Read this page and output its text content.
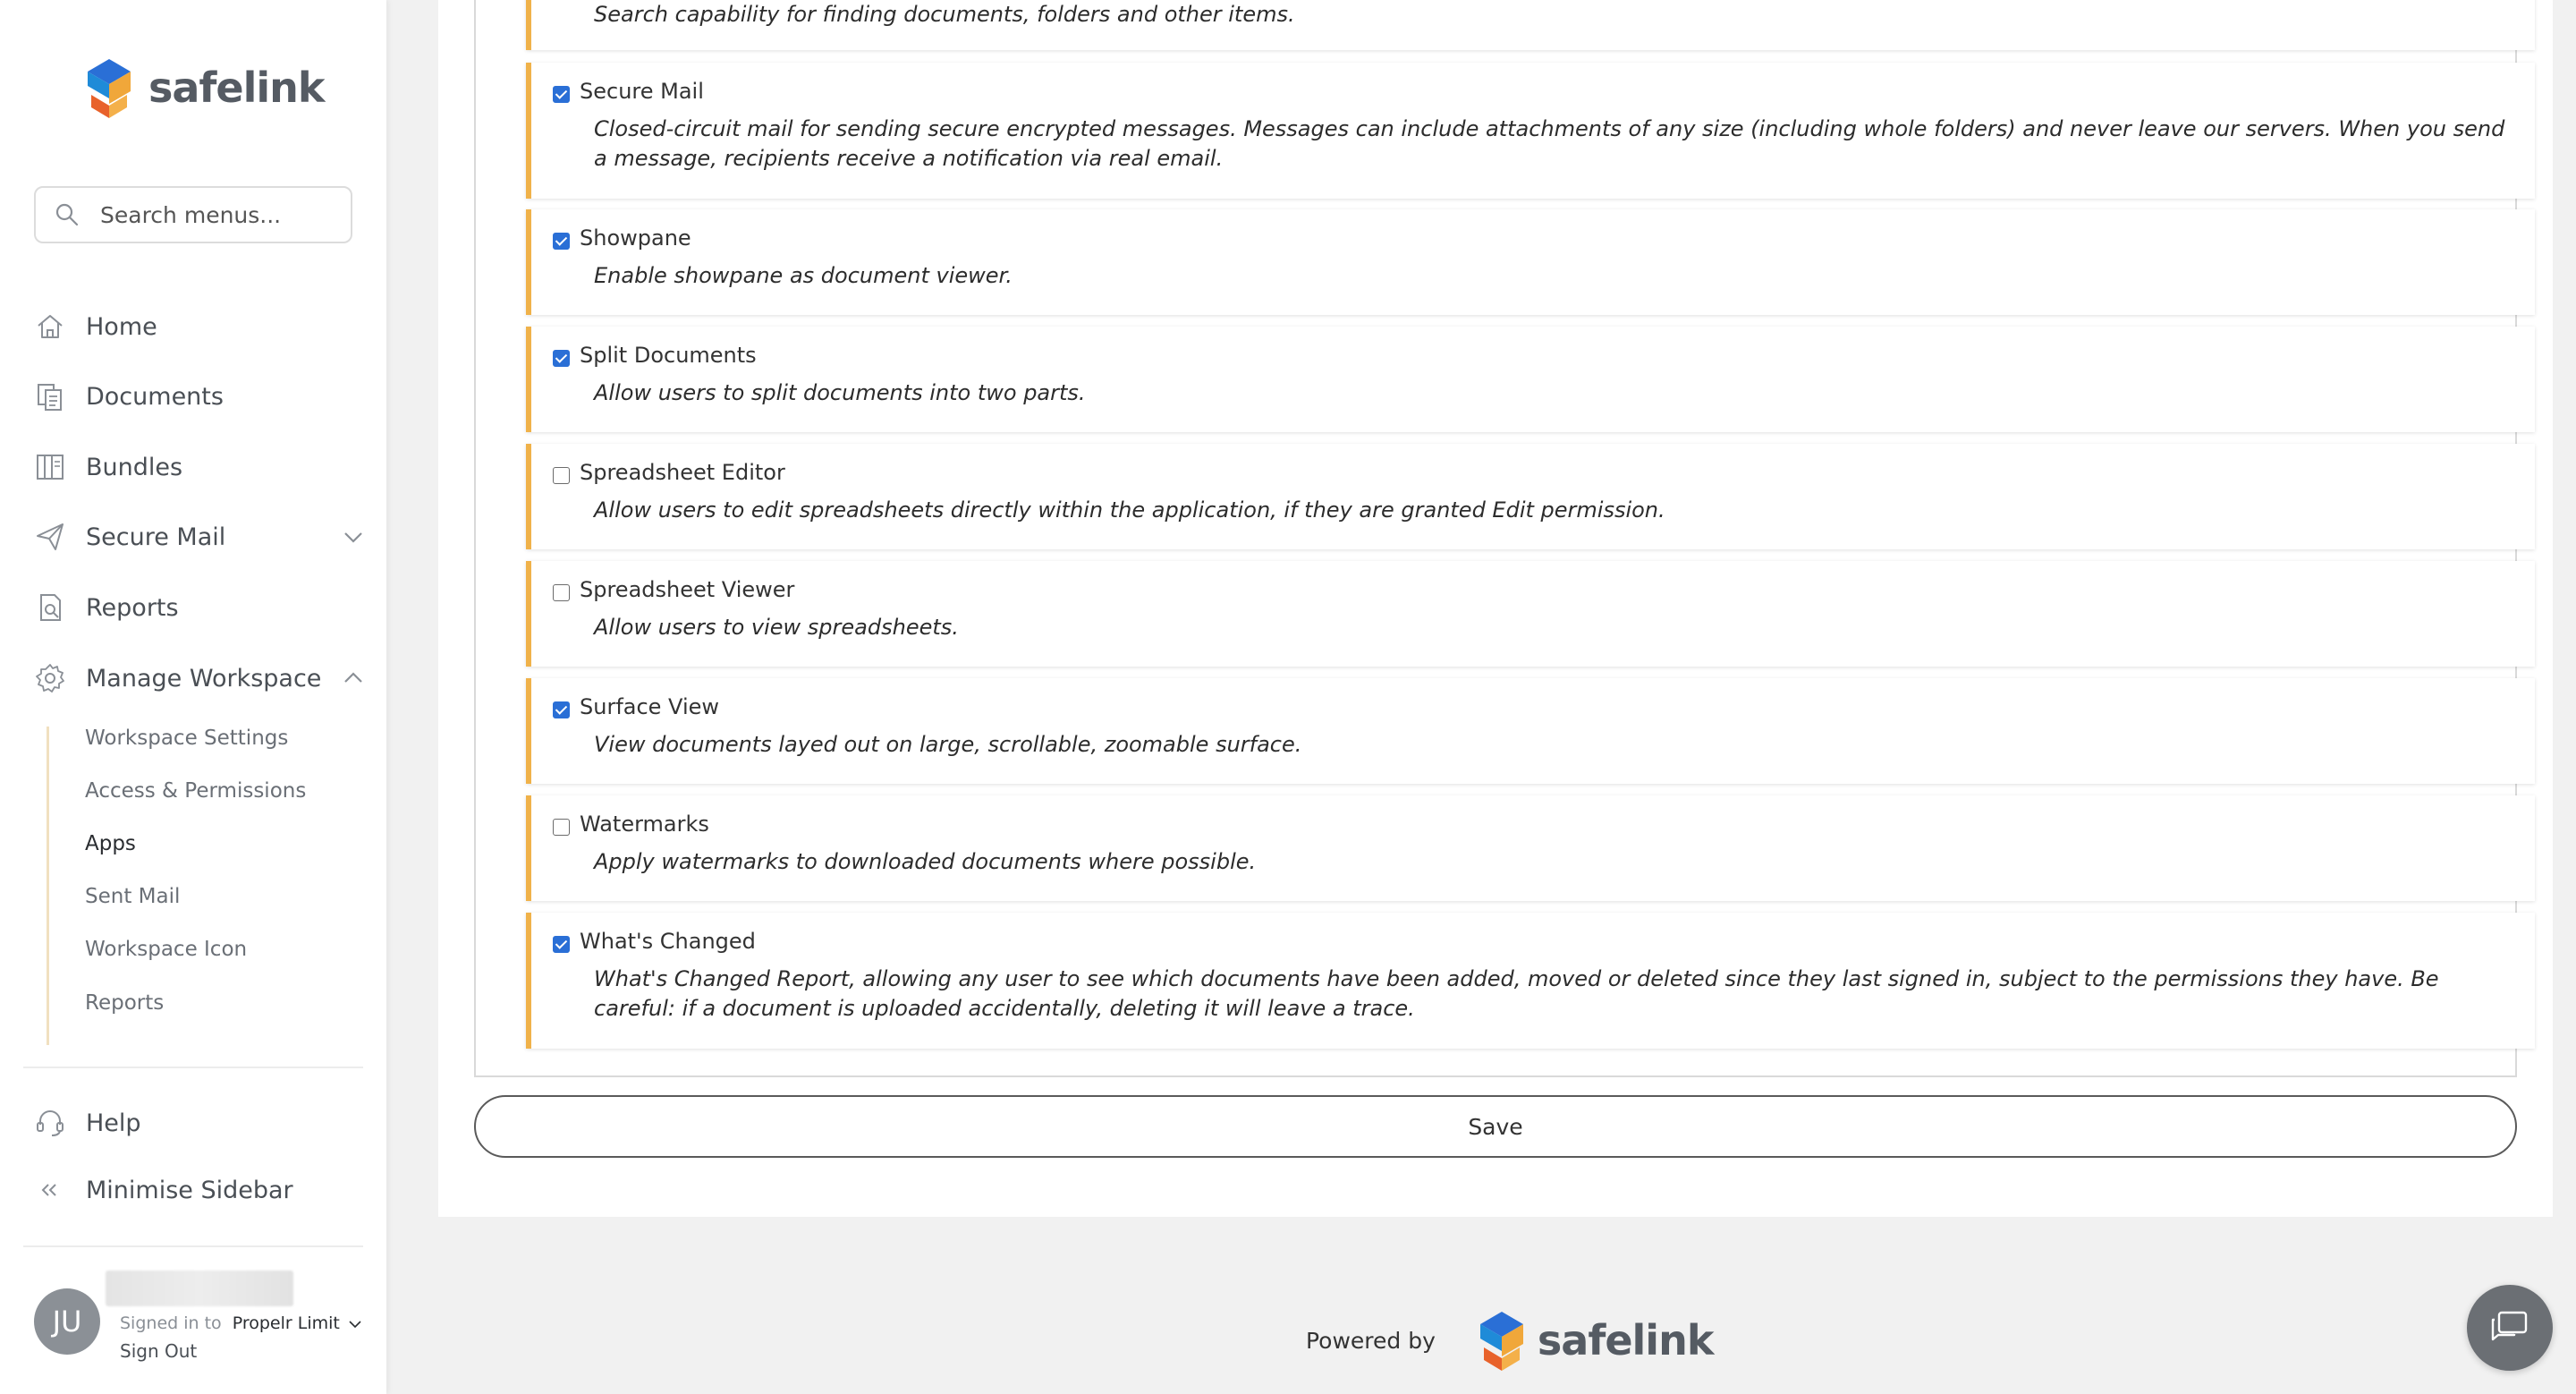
safelink
Search menus...
Home
Documents
Bundles
Secure Mail
Reports
Manage Workspace
Workspace Settings
Access & Permissions
Apps
Sent Mail
Workspace Icon
Reports
Help
Minimise Sidebar
JU	Signed in to Propelr Limit
Sign Out
Search capability for finding documents, folders and other items.
Secure Mail
Closed-circuit mail for sending secure encrypted messages. Messages can include attachments of any size (including whole folders) and never leave our servers. When you send a message, recipients receive a notification via real email.
Showpane
Enable showpane as document viewer.
Split Documents
Allow users to split documents into two parts.
Spreadsheet Editor
Allow users to edit spreadsheets directly within the application, if they are granted Edit permission.
Spreadsheet Viewer
Allow users to view spreadsheets.
Surface View
View documents layed out on large, scrollable, zoomable surface.
Watermarks
Apply watermarks to downloaded documents where possible.
What's Changed
What's Changed Report, allowing any user to see which documents have been added, moved or deleted since they last signed in, subject to the permissions they have. Be careful: if a document is uploaded accidentally, deleting it will leave a trace.
Save
Powered by safelink
